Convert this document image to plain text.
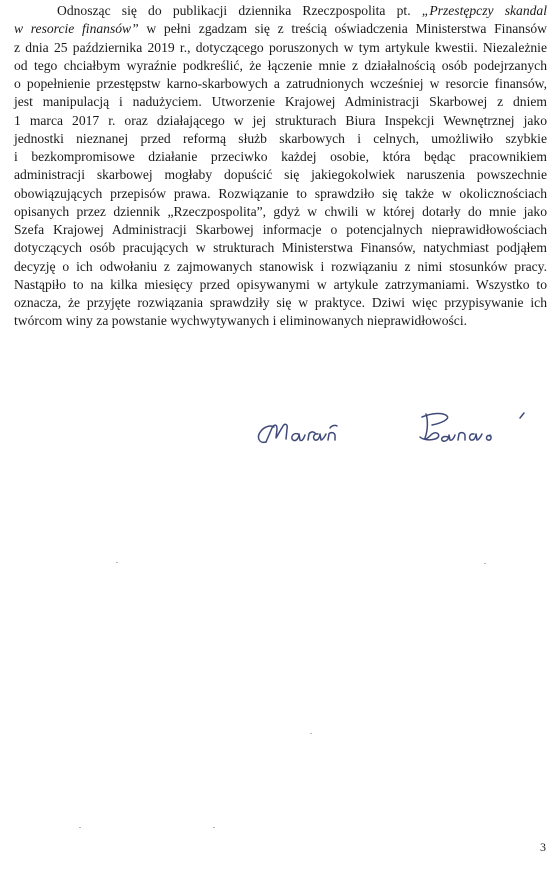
Odnosząc się do publikacji dziennika Rzeczpospolita pt. „Przestępczy skandal
w resorcie finansów” w pełni zgadzam się z treścią oświadczenia Ministerstwa Finansów
z dnia 25 października 2019 r., dotyczącego poruszonych w tym artykule kwestii. Niezależnie
od tego chciałbym wyraźnie podkreślić, że łączenie mnie z działalnością osób podejrzanych
o popełnienie przestępstw karno-skarbowych a zatrudnionych wcześniej w resorcie finansów,
jest manipulacją i nadużyciem. Utworzenie Krajowej Administracji Skarbowej z dniem
1 marca 2017 r. oraz działającego w jej strukturach Biura Inspekcji Wewnętrznej jako
jednostki nieznanej przed reformą służb skarbowych i celnych, umożliwiło szybkie
i bezkompromisowe działanie przeciwko każdej osobie, która będąc pracownikiem
administracji skarbowej mogłaby dopuścić się jakiegokolwiek naruszenia powszechnie
obowiązujących przepisów prawa. Rozwiązanie to sprawdziło się także w okolicznościach
opisanych przez dziennik „Rzeczpospolita”, gdyż w chwili w której dotarły do mnie jako
Szefa Krajowej Administracji Skarbowej informacje o potencjalnych nieprawidłowościach
dotyczących osób pracujących w strukturach Ministerstwa Finansów, natychmiast podjąłem
decyzję o ich odwołaniu z zajmowanych stanowisk i rozwiązaniu z nimi stosunków pracy.
Nastąpiło to na kilka miesięcy przed opisywanymi w artykule zatrzymaniami. Wszystko to
oznacza, że przyjęte rozwiązania sprawdziły się w praktyce. Dziwi więc przypisywanie ich
twórcom winy za powstanie wychwytywanych i eliminowanych nieprawidłowości.

3
